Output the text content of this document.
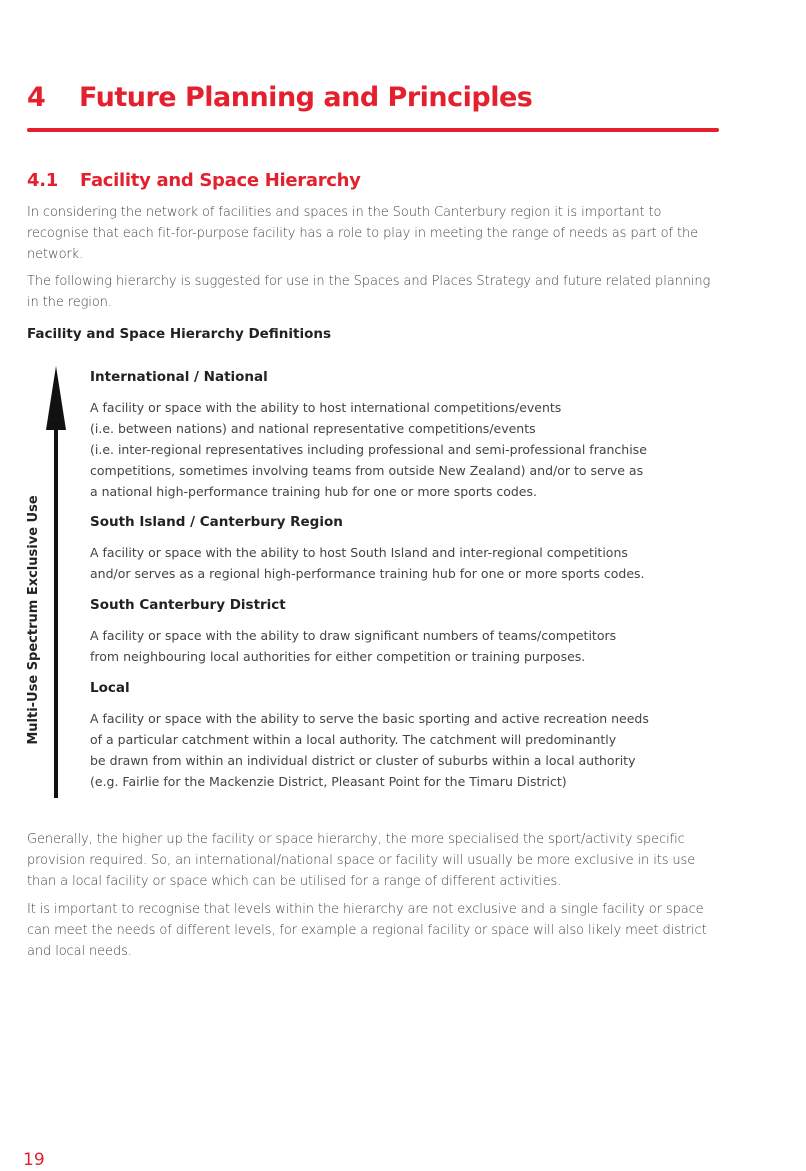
4 Future Planning and Principles
4.1 Facility and Space Hierarchy

In considering the network of facilities and spaces in the South Canterbury region it is important to recognise that each fit-for-purpose facility has a role to play in meeting the range of needs as part of the network.

The following hierarchy is suggested for use in the Spaces and Places Strategy and future related planning in the region.

Facility and Space Hierarchy Definitions
Multi-Use Spectrum Exclusive Use
International / National
A facility or space with the ability to host international competitions/events
(i.e. between nations) and national representative competitions/events
(i.e. inter-regional representatives including professional and semi-professional franchise
competitions, sometimes involving teams from outside New Zealand) and/or to serve as
a national high-performance training hub for one or more sports codes.
South Island / Canterbury Region
A facility or space with the ability to host South Island and inter-regional competitions
and/or serves as a regional high-performance training hub for one or more sports codes.
South Canterbury District
A facility or space with the ability to draw significant numbers of teams/competitors
from neighbouring local authorities for either competition or training purposes.
Local
A facility or space with the ability to serve the basic sporting and active recreation needs
of a particular catchment within a local authority. The catchment will predominantly
be drawn from within an individual district or cluster of suburbs within a local authority
(e.g. Fairlie for the Mackenzie District, Pleasant Point for the Timaru District)

Generally, the higher up the facility or space hierarchy, the more specialised the sport/activity specific provision required. So, an international/national space or facility will usually be more exclusive in its use than a local facility or space which can be utilised for a range of different activities.

It is important to recognise that levels within the hierarchy are not exclusive and a single facility or space can meet the needs of different levels, for example a regional facility or space will also likely meet district and local needs.

19
